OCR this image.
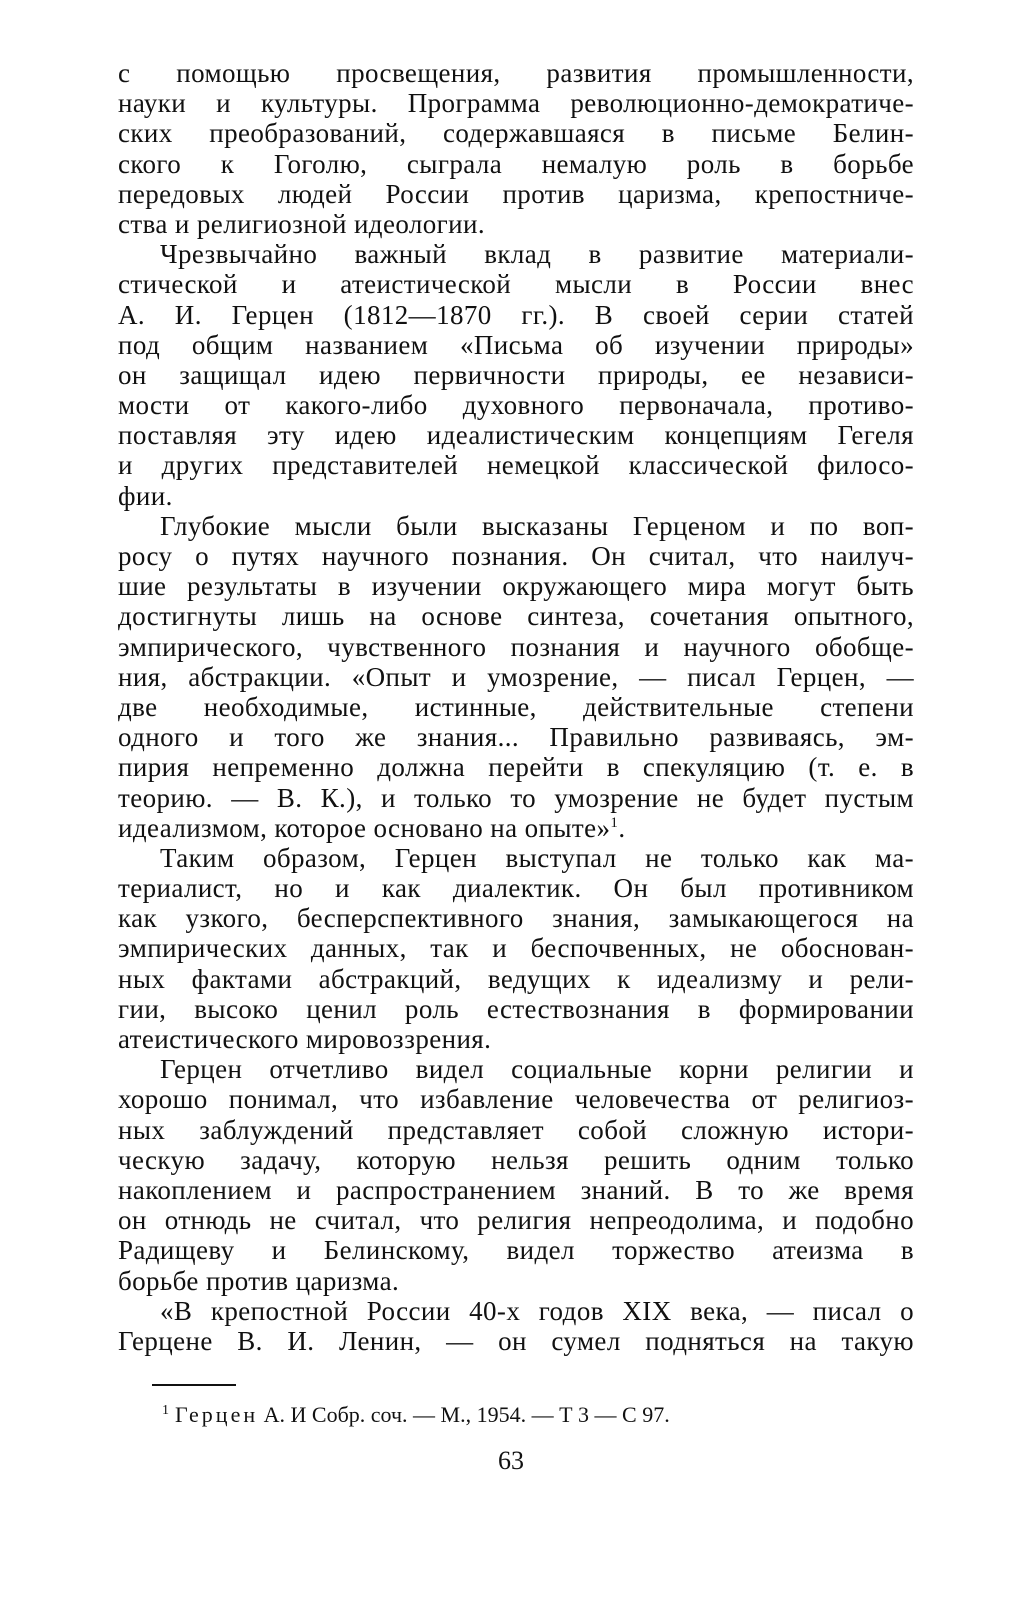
с помощью просвещения, развития промышленности,
науки и культуры. Программа революционно-демократиче-
ских преобразований, содержавшаяся в письме Белин-
ского к Гоголю, сыграла немалую роль в борьбе
передовых людей России против царизма, крепостниче-
ства и религиозной идеологии.
Чрезвычайно важный вклад в развитие материали-
стической и атеистической мысли в России внес
А. И. Герцен (1812—1870 гг.). В своей серии статей
под общим названием «Письма об изучении природы»
он защищал идею первичности природы, ее независи-
мости от какого-либо духовного первоначала, противо-
поставляя эту идею идеалистическим концепциям Гегеля
и других представителей немецкой классической филосо-
фии.
Глубокие мысли были высказаны Герценом и по воп-
росу о путях научного познания. Он считал, что наилуч-
шие результаты в изучении окружающего мира могут быть
достигнуты лишь на основе синтеза, сочетания опытного,
эмпирического, чувственного познания и научного обобще-
ния, абстракции. «Опыт и умозрение, — писал Герцен, —
две необходимые, истинные, действительные степени
одного и того же знания... Правильно развиваясь, эм-
пирия непременно должна перейти в спекуляцию (т. е. в
теорию. — В. К.), и только то умозрение не будет пустым
идеализмом, которое основано на опыте»$^1$.
Таким образом, Герцен выступал не только как ма-
териалист, но и как диалектик. Он был противником
как узкого, бесперспективного знания, замыкающегося на
эмпирических данных, так и беспочвенных, не обоснован-
ных фактами абстракций, ведущих к идеализму и рели-
гии, высоко ценил роль естествознания в формировании
атеистического мировоззрения.
Герцен отчетливо видел социальные корни религии и
хорошо понимал, что избавление человечества от религиоз-
ных заблуждений представляет собой сложную истори-
ческую задачу, которую нельзя решить одним только
накоплением и распространением знаний. В то же время
он отнюдь не считал, что религия непреодолима, и подобно
Радищеву и Белинскому, видел торжество атеизма в
борьбе против царизма.
«В крепостной России 40-х годов XIX века, — писал о
Герцене В. И. Ленин, — он сумел подняться на такую
$^1$ Герцен А. И Собр. соч. — М., 1954. — Т 3 — С 97.
63
